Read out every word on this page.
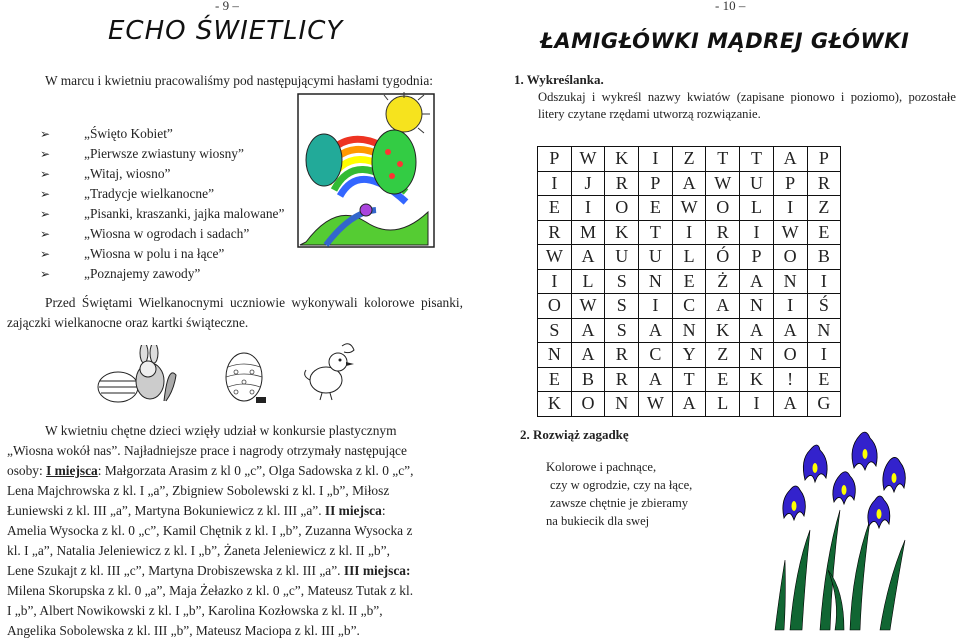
- 9 –
ECHO ŚWIETLICY
W marcu i kwietniu pracowaliśmy pod następującymi hasłami tygodnia:
➢	„Święto Kobiet”
➢	„Pierwsze zwiastuny wiosny”
➢	„Witaj, wiosno”
➢	„Tradycje wielkanocne”
➢	„Pisanki, kraszanki, jajka malowane”
➢	„Wiosna w ogrodach i sadach”
➢	„Wiosna w polu i na łące”
➢	„Poznajemy zawody”
Przed Świętami Wielkanocnymi uczniowie wykonywali kolorowe pisanki, zajączki wielkanocne oraz kartki świąteczne.
W kwietniu chętne dzieci wzięły udział w konkursie plastycznym
„Wiosna wokół nas”. Najładniejsze prace i nagrody otrzymały następujące
osoby: I miejsca: Małgorzata Arasim z kl 0 „c”, Olga Sadowska z kl. 0 „c”,
Lena Majchrowska z kl. I „a”, Zbigniew Sobolewski z kl. I „b”, Miłosz
Łuniewski z kl. III „a”, Martyna Bokuniewicz z kl. III „a”. II miejsca:
Amelia Wysocka z kl. 0 „c”, Kamil Chętnik z kl. I „b”, Zuzanna Wysocka z
kl. I „a”, Natalia Jeleniewicz z kl. I „b”, Żaneta Jeleniewicz z kl. II „b”,
Lene Szukajt z kl. III „c”, Martyna Drobiszewska z kl. III „a”. III miejsca:
Milena Skorupska z kl. 0 „a”, Maja Żełazko z kl. 0 „c”, Mateusz Tutak z kl.
I „b”, Albert Nowikowski z kl. I „b”, Karolina Kozłowska z kl. II „b”,
Angelika Sobolewska z kl. III „b”, Mateusz Maciopa z kl. III „b”.
- 10 –
ŁAMIGŁÓWKI MĄDREJ GŁÓWKI
1. Wykreślanka.
Odszukaj i wykreśl nazwy kwiatów (zapisane pionowo i poziomo), pozostałe litery czytane rzędami utworzą rozwiązanie.
P	W	K	I	Z	T	T	A	P
I	J	R	P	A	W	U	P	R
E	I	O	E	W	O	L	I	Z
R	M	K	T	I	R	I	W	E
W	A	U	U	L	Ó	P	O	B
I	L	S	N	E	Ż	A	N	I
O	W	S	I	C	A	N	I	Ś
S	A	S	A	N	K	A	A	N
N	A	R	C	Y	Z	N	O	I
E	B	R	A	T	E	K	!	E
K	O	N	W	A	L	I	A	G
2. Rozwiąż zagadkę
Kolorowe i pachnące,
czy w ogrodzie, czy na łące,
zawsze chętnie je zbieramy
na bukiecik dla swej
